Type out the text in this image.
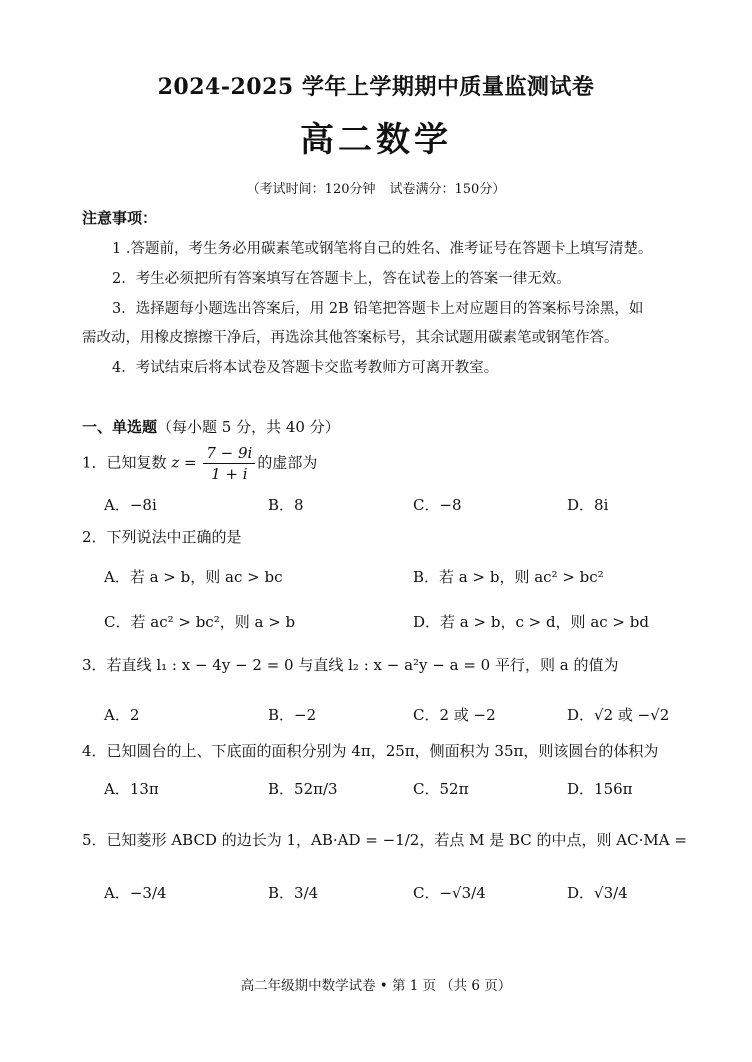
2024-2025 学年上学期期中质量监测试卷
高二数学
（考试时间：120分钟 试卷满分：150分）
注意事项：
1 .答题前，考生务必用碳素笔或钢笔将自己的姓名、准考证号在答题卡上填写清楚。
2．考生必须把所有答案填写在答题卡上，答在试卷上的答案一律无效。
3．选择题每小题选出答案后，用 2B 铅笔把答题卡上对应题目的答案标号涂黑，如
需改动，用橡皮擦擦干净后，再选涂其他答案标号，其余试题用碳素笔或钢笔作答。
4．考试结束后将本试卷及答题卡交监考教师方可离开教室。
一、单选题（每小题 5 分，共 40 分）
1．已知复数 $z = \frac{7 - 9i}{1 + i}$ 的虚部为
A．−8i	B．8	C．−8	D．8i
2．下列说法中正确的是
A．若 a > b，则 ac > bc	B．若 a > b，则 ac² > bc²
C．若 ac² > bc²，则 a > b	D．若 a > b，c > d，则 ac > bd
3．若直线 l₁ : x − 4y − 2 = 0 与直线 l₂ : x − a²y − a = 0 平行，则 a 的值为
A．2	B．−2	C．2 或 −2	D．√2 或 −√2
4．已知圆台的上、下底面的面积分别为 4π，25π，侧面积为 35π，则该圆台的体积为
A．13π	B．52π/3	C．52π	D．156π
5．已知菱形 ABCD 的边长为 1，AB·AD = −1/2，若点 M 是 BC 的中点，则 AC·MA =
A．−3/4	B．3/4	C．−√3/4	D．√3/4
高二年级期中数学试卷 • 第 1 页 （共 6 页）
